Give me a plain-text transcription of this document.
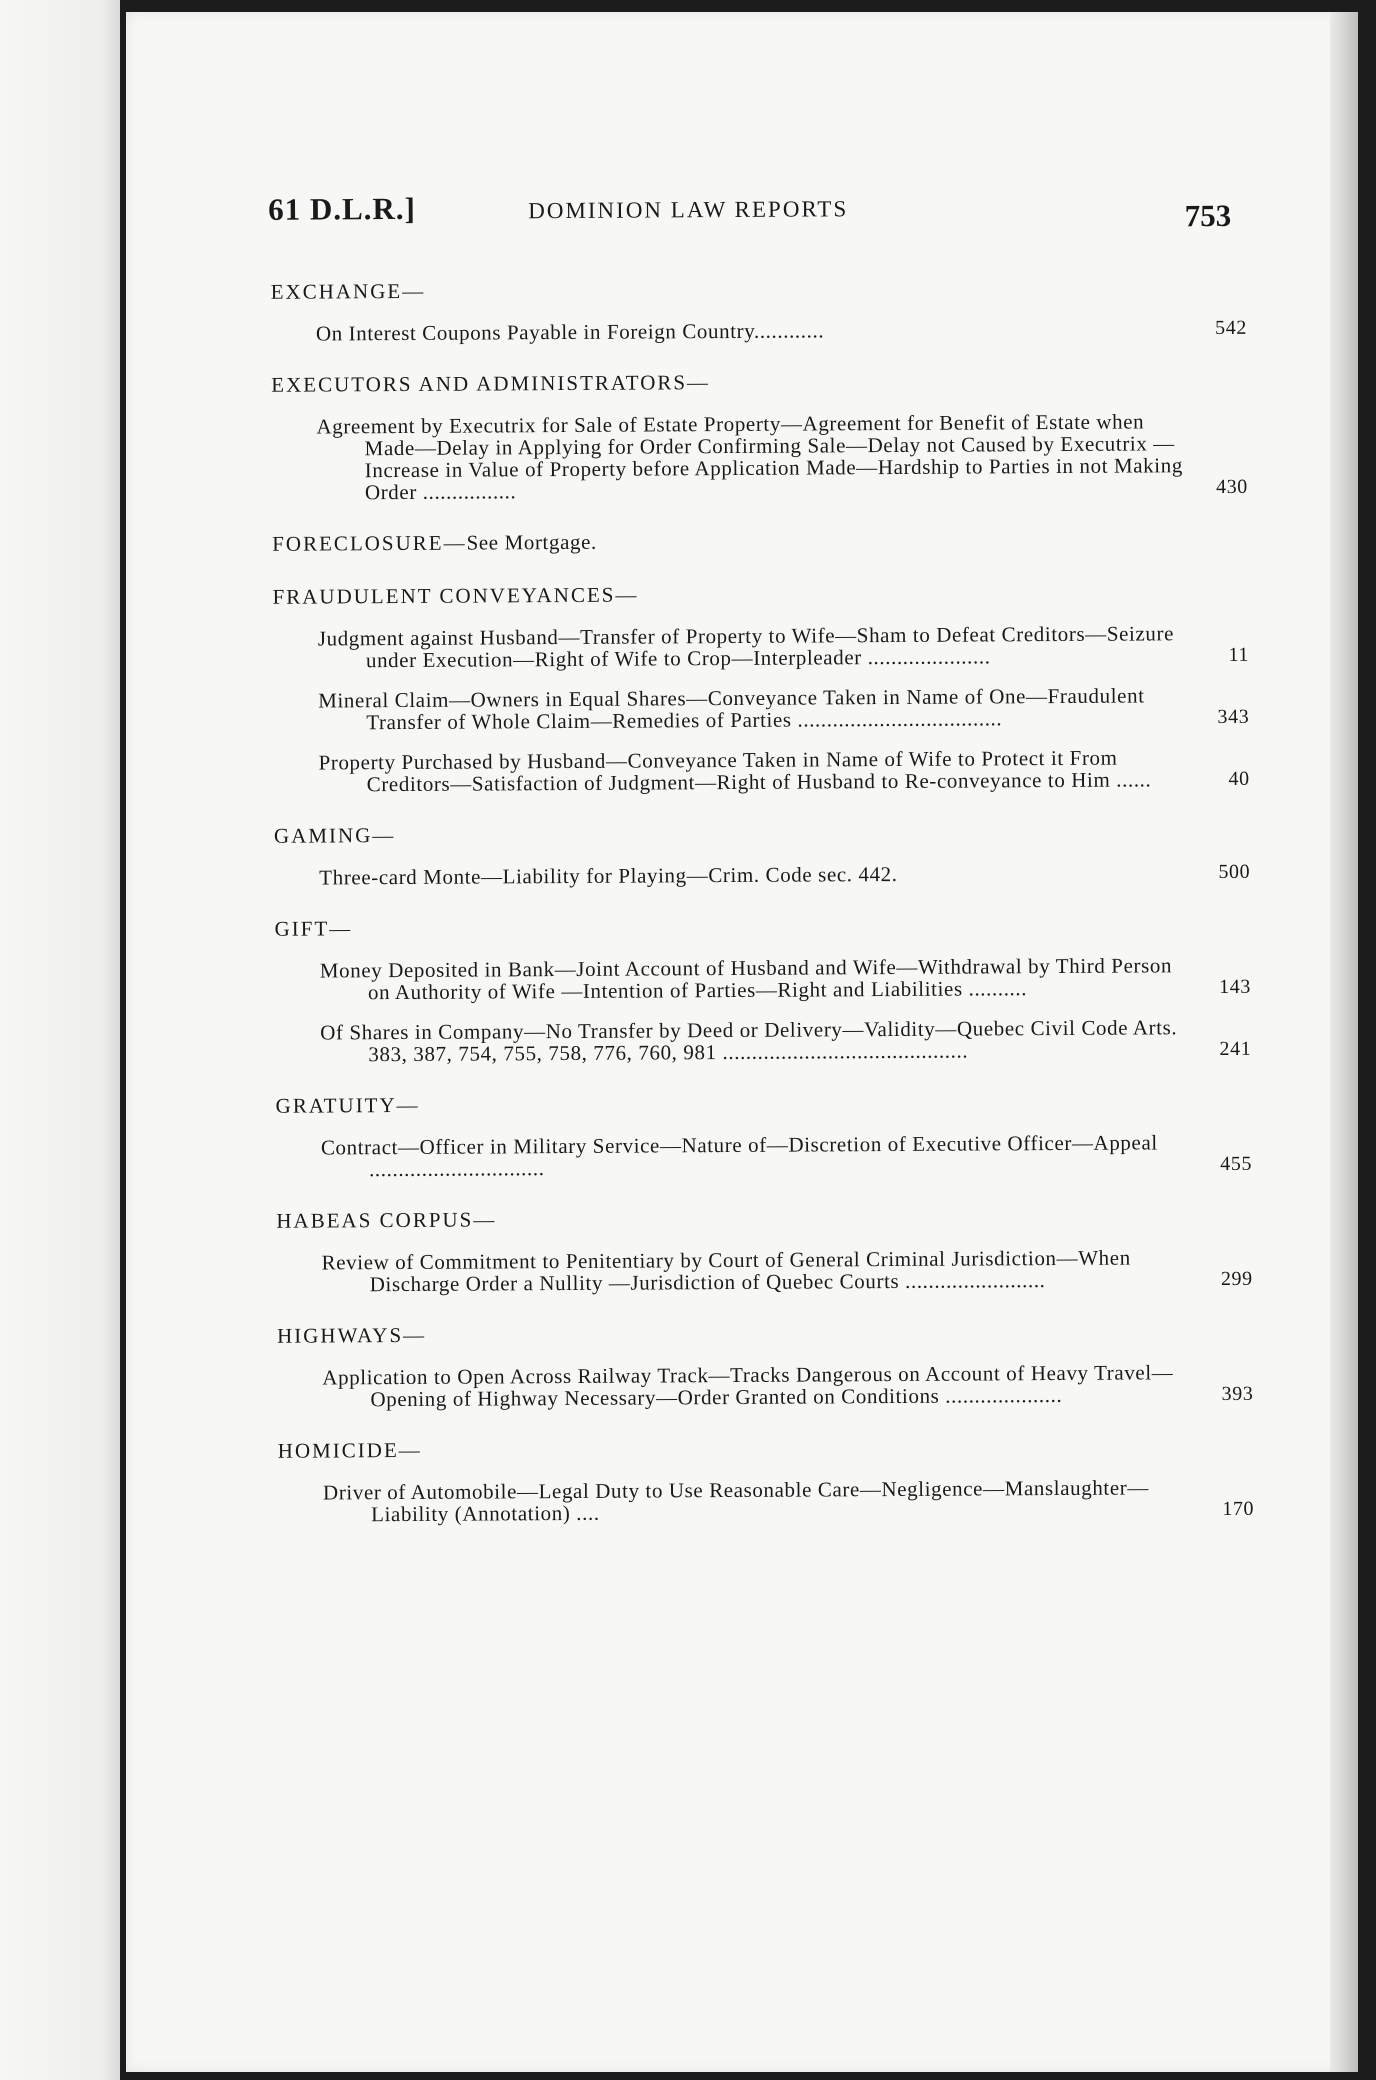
61 D.L.R.]	DOMINION LAW REPORTS	753
EXCHANGE—
On Interest Coupons Payable in Foreign Country............	542
EXECUTORS AND ADMINISTRATORS—
Agreement by Executrix for Sale of Estate Property—Agreement for Benefit of Estate when Made—Delay in Applying for Order Confirming Sale—Delay not Caused by Executrix —Increase in Value of Property before Application Made—Hardship to Parties in not Making Order ................	430
FORECLOSURE—See Mortgage.
FRAUDULENT CONVEYANCES—
Judgment against Husband—Transfer of Property to Wife—Sham to Defeat Creditors—Seizure under Execution—Right of Wife to Crop—Interpleader .....................	11
Mineral Claim—Owners in Equal Shares—Conveyance Taken in Name of One—Fraudulent Transfer of Whole Claim—Remedies of Parties ...................................	343
Property Purchased by Husband—Conveyance Taken in Name of Wife to Protect it From Creditors—Satisfaction of Judgment—Right of Husband to Re-conveyance to Him ......	40
GAMING—
Three-card Monte—Liability for Playing—Crim. Code sec. 442.	500
GIFT—
Money Deposited in Bank—Joint Account of Husband and Wife—Withdrawal by Third Person on Authority of Wife —Intention of Parties—Right and Liabilities ..........	143
Of Shares in Company—No Transfer by Deed or Delivery—Validity—Quebec Civil Code Arts. 383, 387, 754, 755, 758, 776, 760, 981 ..........................................	241
GRATUITY—
Contract—Officer in Military Service—Nature of—Discretion of Executive Officer—Appeal ..............................	455
HABEAS CORPUS—
Review of Commitment to Penitentiary by Court of General Criminal Jurisdiction—When Discharge Order a Nullity —Jurisdiction of Quebec Courts ........................	299
HIGHWAYS—
Application to Open Across Railway Track—Tracks Dangerous on Account of Heavy Travel—Opening of Highway Necessary—Order Granted on Conditions ....................	393
HOMICIDE—
Driver of Automobile—Legal Duty to Use Reasonable Care—Negligence—Manslaughter—Liability (Annotation) ....	170
